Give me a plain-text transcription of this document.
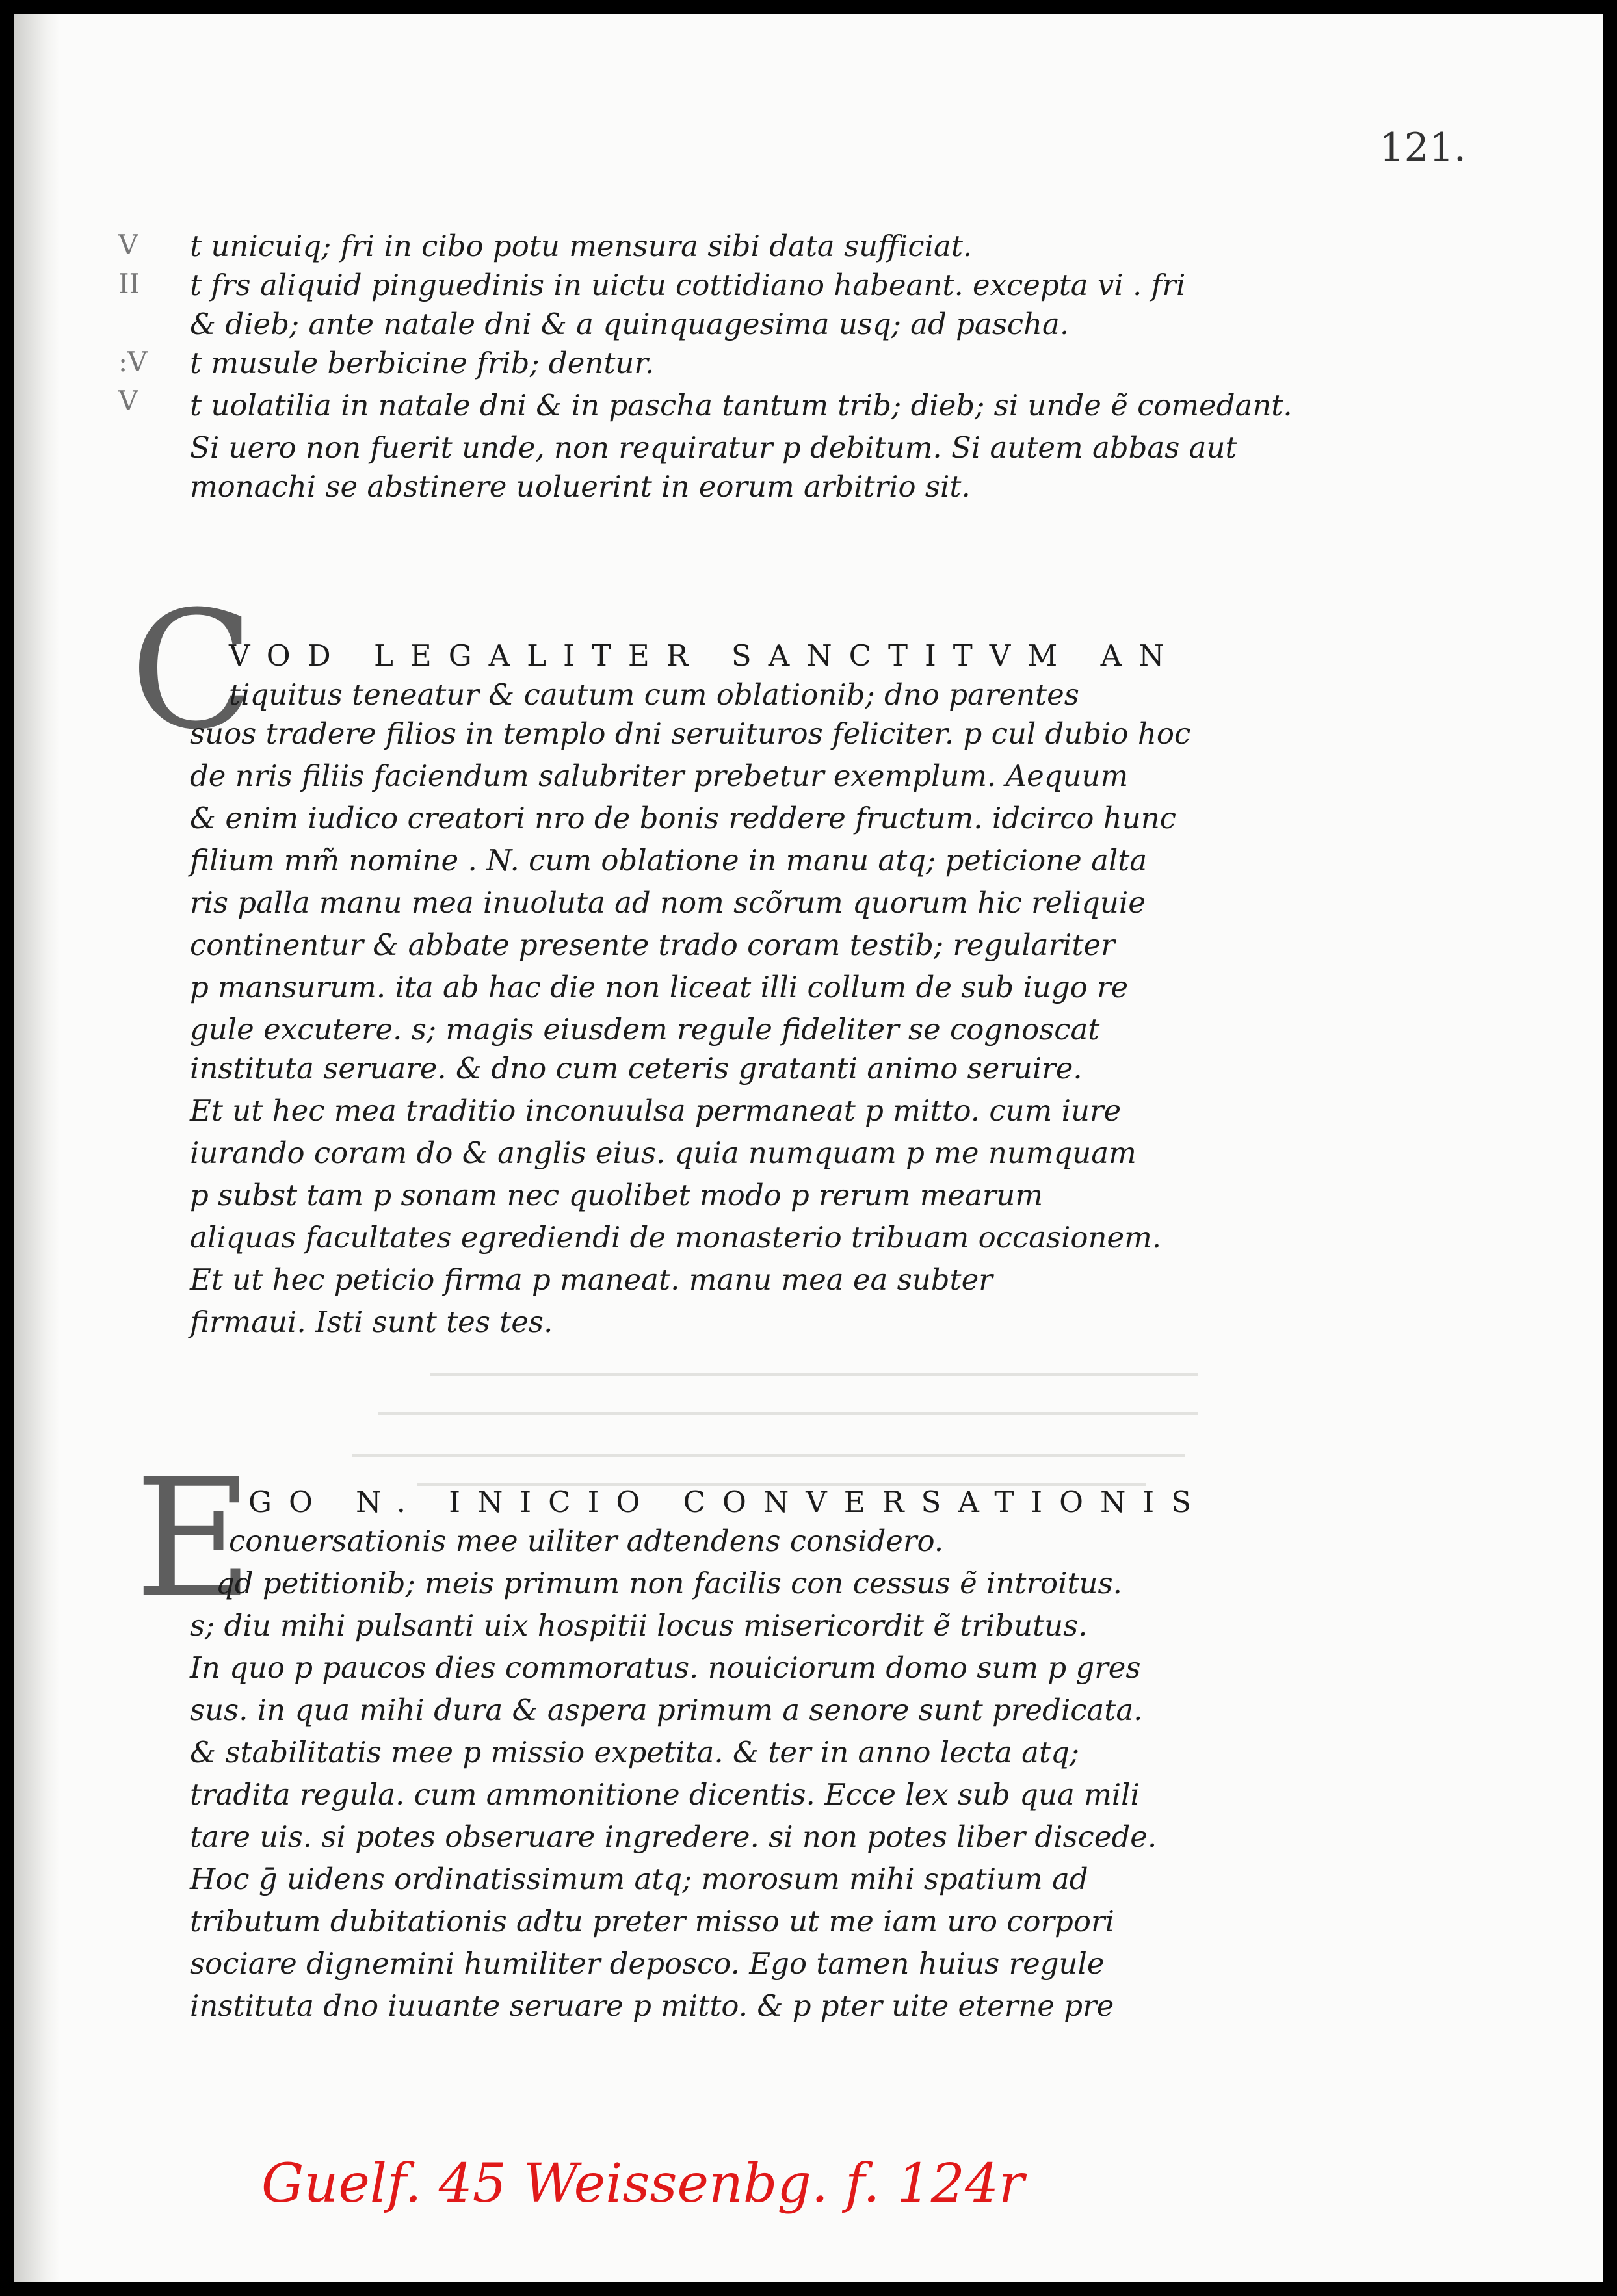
121.
V
II
:V
V
t unicuiq; fri in cibo potu mensura sibi data sufficiat.
t frs aliquid pinguedinis in uictu cottidiano habeant. excepta vi . fri
& dieb; ante natale dni & a quinquagesima usq; ad pascha.
t musule berbicine frib; dentur.
t uolatilia in natale dni & in pascha tantum trib; dieb; si unde ẽ comedant.
Si uero non fuerit unde, non requiratur p debitum. Si autem abbas aut
monachi se abstinere uoluerint in eorum arbitrio sit.
C
VOD LEGALITER SANCTITVM AN
tiquitus teneatur & cautum cum oblationib; dno parentes
suos tradere filios in templo dni seruituros feliciter. p cul dubio hoc
de nris filiis faciendum salubriter prebetur exemplum. Aequum
& enim iudico creatori nro de bonis reddere fructum. idcirco hunc
filium mm̃ nomine . N. cum oblatione in manu atq; peticione alta
ris palla manu mea inuoluta ad nom scõrum quorum hic reliquie
continentur & abbate presente trado coram testib; regulariter
p mansurum. ita ab hac die non liceat illi collum de sub iugo re
gule excutere. s; magis eiusdem regule fideliter se cognoscat
instituta seruare. & dno cum ceteris gratanti animo seruire.
Et ut hec mea traditio inconuulsa permaneat p mitto. cum iure
iurando coram do & anglis eius. quia numquam p me numquam
p subst tam p sonam nec quolibet modo p rerum mearum
aliquas facultates egrediendi de monasterio tribuam occasionem.
Et ut hec peticio firma p maneat. manu mea ea subter
firmaui. Isti sunt tes tes.
E
GO N. INICIO CONVERSATIONIS
conuersationis mee uiliter adtendens considero.
qd petitionib; meis primum non facilis con cessus ẽ introitus.
s; diu mihi pulsanti uix hospitii locus misericordit ẽ tributus.
In quo p paucos dies commoratus. nouiciorum domo sum p gres
sus. in qua mihi dura & aspera primum a senore sunt predicata.
& stabilitatis mee p missio expetita. & ter in anno lecta atq;
tradita regula. cum ammonitione dicentis. Ecce lex sub qua mili
tare uis. si potes obseruare ingredere. si non potes liber discede.
Hoc ḡ uidens ordinatissimum atq; morosum mihi spatium ad
tributum dubitationis adtu preter misso ut me iam uro corpori
sociare dignemini humiliter deposco. Ego tamen huius regule
instituta dno iuuante seruare p mitto. & p pter uite eterne pre
Guelf. 45 Weissenbg. f. 124r
